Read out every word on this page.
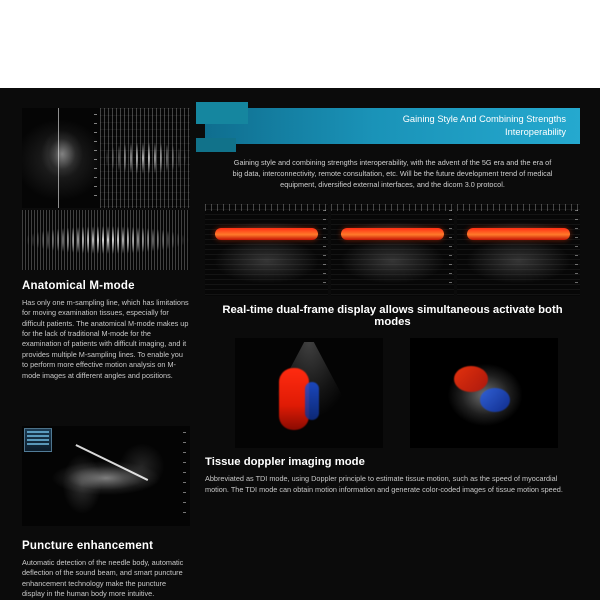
Anatomical M-mode
Has only one m-sampling line, which has limitations for moving examination tissues, especially for difficult patients. The anatomical M-mode makes up for the lack of traditional M-mode for the examination of patients with difficult imaging, and it provides multiple M-sampling lines. To enable you to perform more effective motion analysis on M-mode images at different angles and positions.
Puncture enhancement
Automatic detection of the needle body, automatic deflection of the sound beam, and smart puncture enhancement technology make the puncture display in the human body more intuitive.
Gaining Style And Combining Strengths
Interoperability
Gaining style and combining strengths interoperability, with the advent of the 5G era and the era of big data, interconnectivity, remote consultation, etc. Will be the future development trend of medical equipment, diversified external interfaces, and the dicom 3.0 protocol.
Real-time dual-frame display allows simultaneous activate both modes
Tissue doppler imaging mode
Abbreviated as TDI mode, using Doppler principle to estimate tissue motion, such as the speed of myocardial motion. The TDI mode can obtain motion information and generate color-coded images of tissue motion speed.
